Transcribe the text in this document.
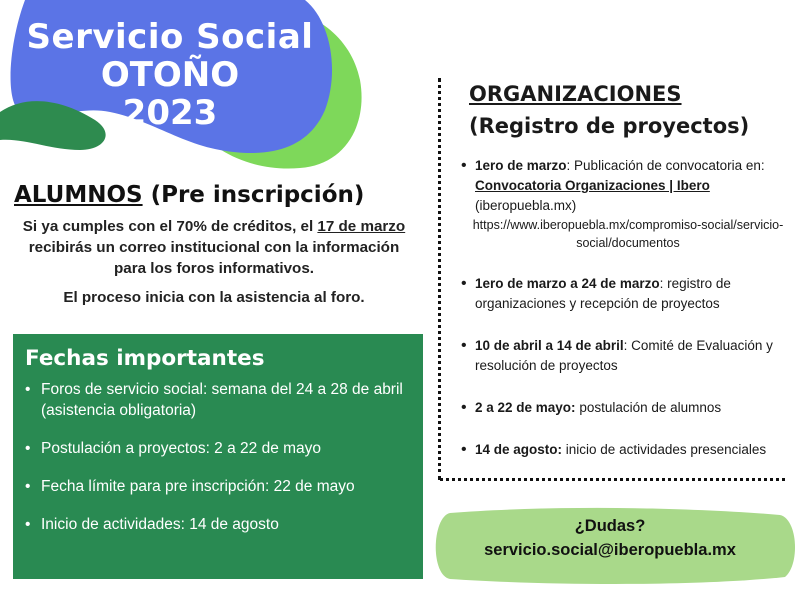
Servicio Social
OTOÑO
2023
ALUMNOS (Pre inscripción)

Si ya cumples con el 70% de créditos, el 17 de marzo recibirás un correo institucional con la información para los foros informativos.

El proceso inicia con la asistencia al foro.

Fechas importantes
• Foros de servicio social: semana del 24 a 28 de abril (asistencia obligatoria)
• Postulación a proyectos: 2 a 22 de mayo
• Fecha límite para pre inscripción: 22 de mayo
• Inicio de actividades: 14 de agosto
ORGANIZACIONES
(Registro de proyectos)
• 1ero de marzo: Publicación de convocatoria en: Convocatoria Organizaciones | Ibero (iberopuebla.mx)
https://www.iberopuebla.mx/compromiso-social/servicio-social/documentos
• 1ero de marzo a 24 de marzo: registro de organizaciones y recepción de proyectos
• 10 de abril a 14 de abril: Comité de Evaluación y resolución de proyectos
• 2 a 22 de mayo: postulación de alumnos
• 14 de agosto: inicio de actividades presenciales
¿Dudas?
servicio.social@iberopuebla.mx
